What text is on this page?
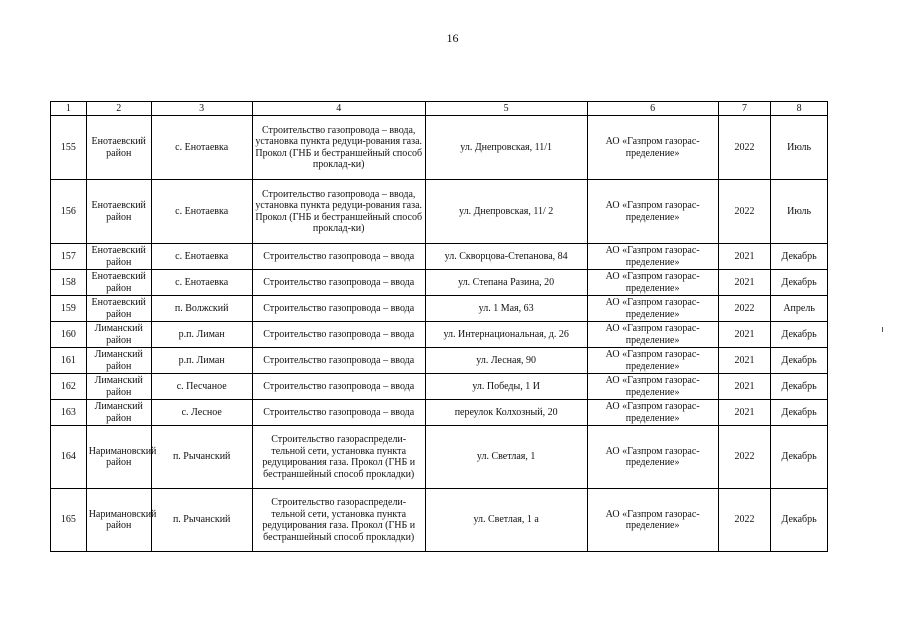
16
1	2	3	4	5	6	7	8
155	Енотаевский район	с. Енотаевка	Строительство газопровода – ввода, установка пункта редуци-рования газа. Прокол (ГНБ и бестраншейный способ проклад-ки)	ул. Днепровская, 11/1	АО «Газпром газорас-пределение»	2022	Июль
156	Енотаевский район	с. Енотаевка	Строительство газопровода – ввода, установка пункта редуци-рования газа. Прокол (ГНБ и бестраншейный способ проклад-ки)	ул. Днепровская, 11/ 2	АО «Газпром газорас-пределение»	2022	Июль
157	Енотаевский район	с. Енотаевка	Строительство газопровода – ввода	ул. Скворцова-Степанова, 84	АО «Газпром газорас-пределение»	2021	Декабрь
158	Енотаевский район	с. Енотаевка	Строительство газопровода – ввода	ул. Степана Разина, 20	АО «Газпром газорас-пределение»	2021	Декабрь
159	Енотаевский район	п. Волжский	Строительство газопровода – ввода	ул. 1 Мая, 63	АО «Газпром газорас-пределение»	2022	Апрель
160	Лиманский район	р.п. Лиман	Строительство газопровода – ввода	ул. Интернациональная, д. 26	АО «Газпром газорас-пределение»	2021	Декабрь
161	Лиманский район	р.п. Лиман	Строительство газопровода – ввода	ул. Лесная, 90	АО «Газпром газорас-пределение»	2021	Декабрь
162	Лиманский район	с. Песчаное	Строительство газопровода – ввода	ул. Победы, 1 И	АО «Газпром газорас-пределение»	2021	Декабрь
163	Лиманский район	с. Лесное	Строительство газопровода – ввода	переулок Колхозный, 20	АО «Газпром газорас-пределение»	2021	Декабрь
164	Наримановский район	п. Рычанский	Строительство газораспредели-тельной сети, установка пункта редуцирования газа. Прокол (ГНБ и бестраншейный способ прокладки)	ул. Светлая, 1	АО «Газпром газорас-пределение»	2022	Декабрь
165	Наримановский район	п. Рычанский	Строительство газораспредели-тельной сети, установка пункта редуцирования газа. Прокол (ГНБ и бестраншейный способ прокладки)	ул. Светлая, 1 а	АО «Газпром газорас-пределение»	2022	Декабрь
